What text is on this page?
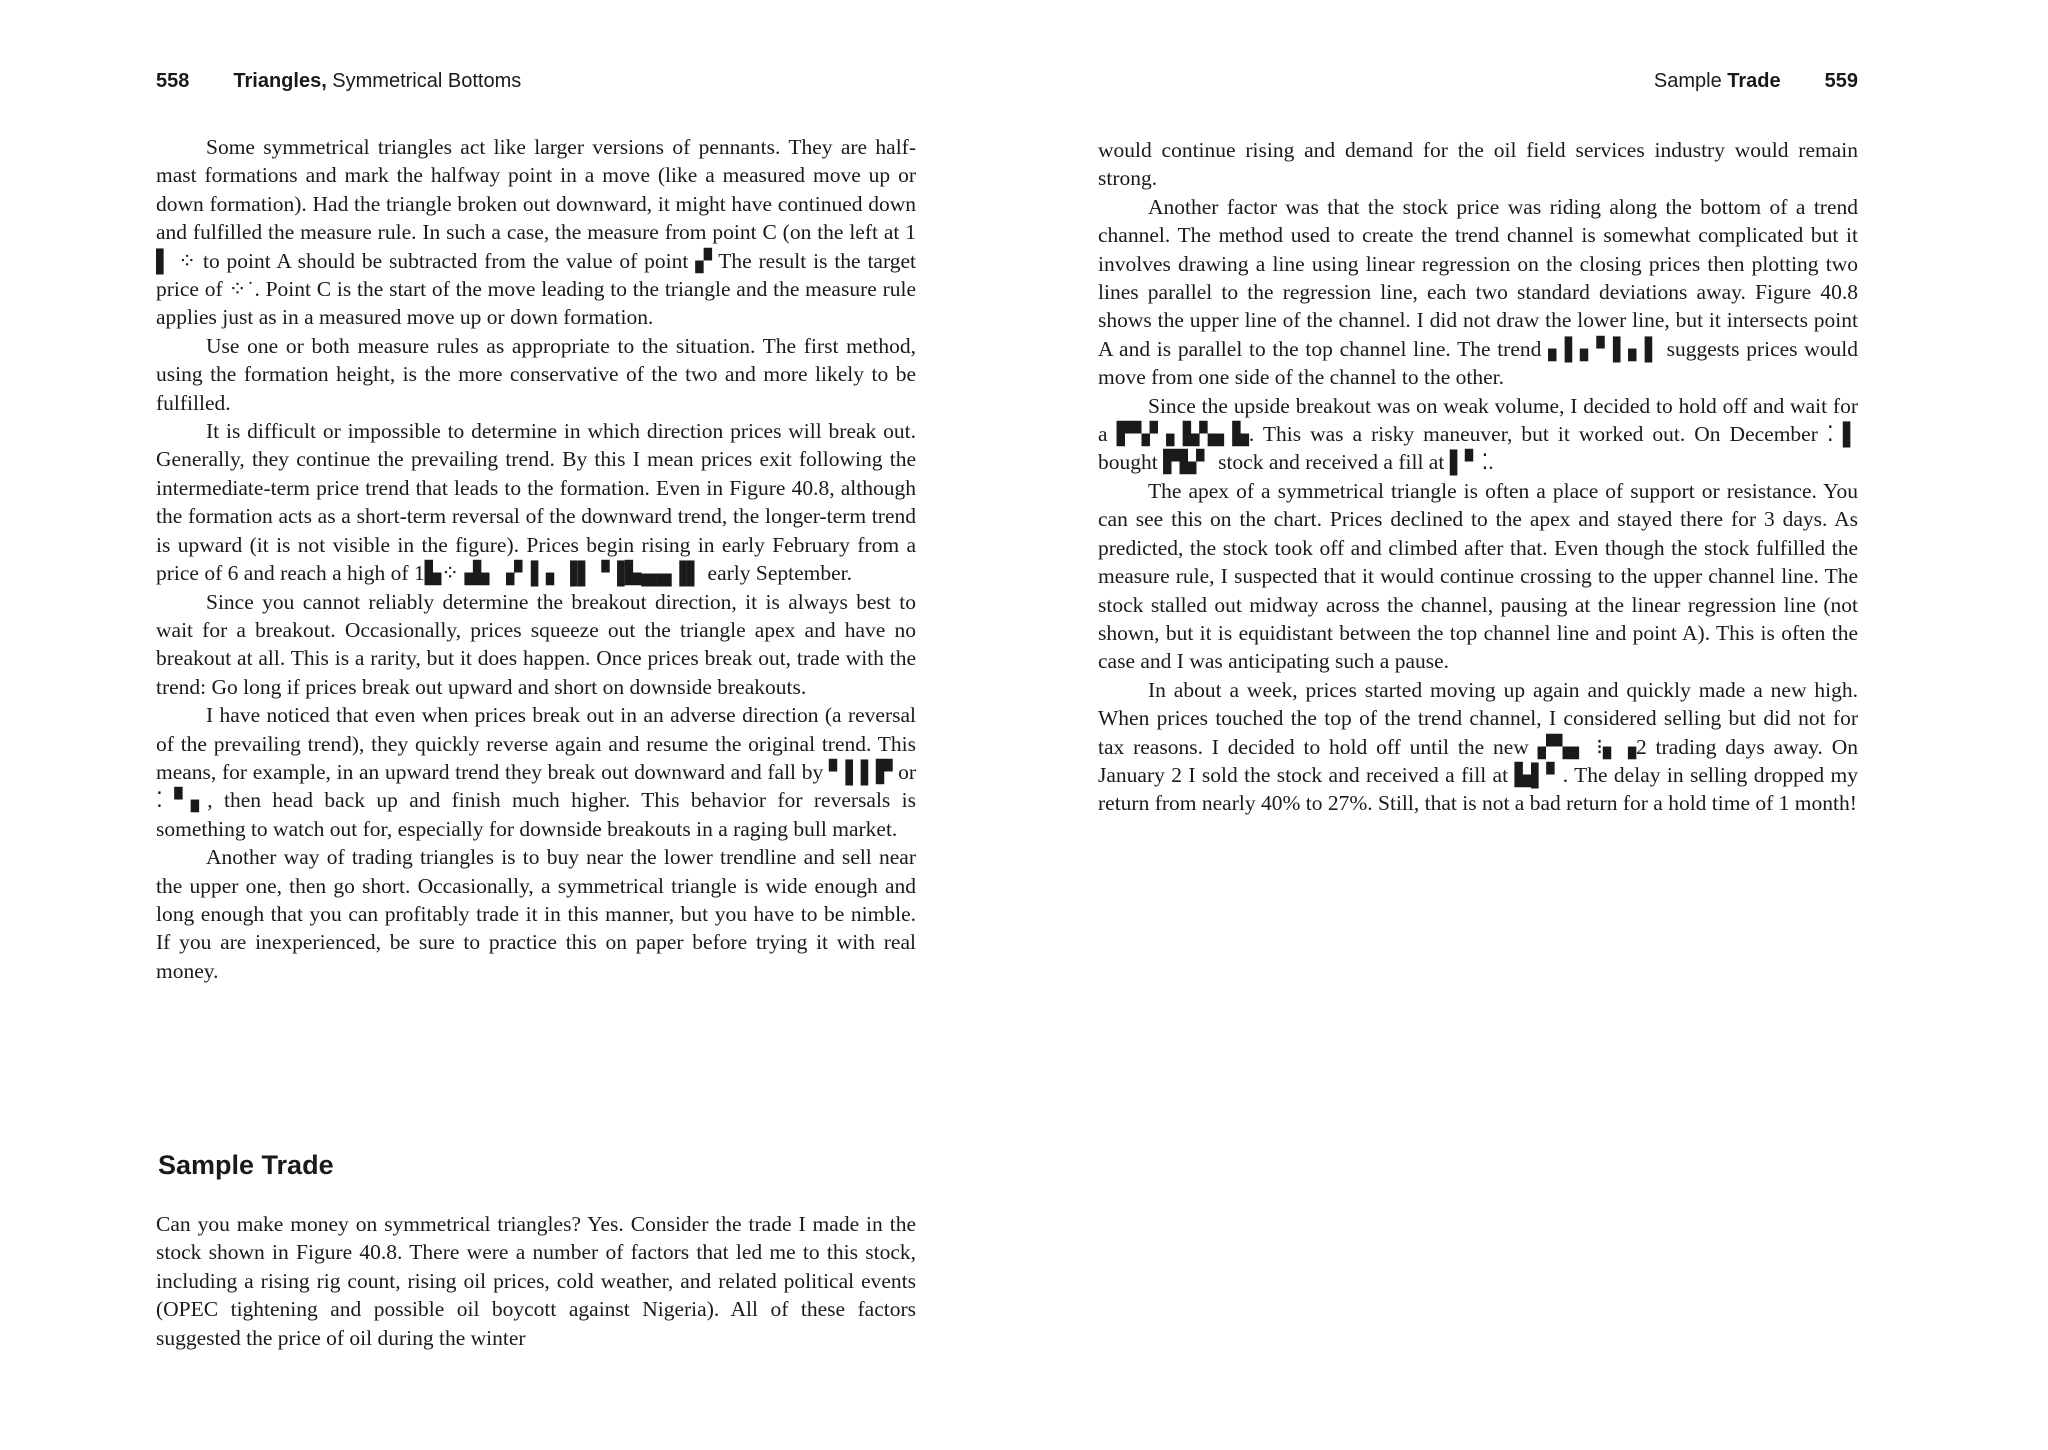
558 Triangles, Symmetrical Bottoms

Some symmetrical triangles act like larger versions of pennants. They are half-mast formations and mark the halfway point in a move (like a measured move up or down formation). Had the triangle broken out downward, it might have continued down and fulfilled the measure rule. In such a case, the measure from point C (on the left at 1 ▌ ⁘ to point A should be subtracted from the value of point ▞ The result is the target price of ⁘˙. Point C is the start of the move leading to the triangle and the measure rule applies just as in a measured move up or down formation.

Use one or both measure rules as appropriate to the situation. The first method, using the formation height, is the more conservative of the two and more likely to be fulfilled.

It is difficult or impossible to determine in which direction prices will break out. Generally, they continue the prevailing trend. By this I mean prices exit following the intermediate-term price trend that leads to the formation. Even in Figure 40.8, although the formation acts as a short-term reversal of the downward trend, the longer-term trend is upward (it is not visible in the figure). Prices begin rising in early February from a price of 6 and reach a high of 1▙⁘ ▟▖▗▘▌▖▐▌▝▐▙▄▄▐▌ early September.

Since you cannot reliably determine the breakout direction, it is always best to wait for a breakout. Occasionally, prices squeeze out the triangle apex and have no breakout at all. This is a rarity, but it does happen. Once prices break out, trade with the trend: Go long if prices break out upward and short on downside breakouts.

I have noticed that even when prices break out in an adverse direction (a reversal of the prevailing trend), they quickly reverse again and resume the original trend. This means, for example, in an upward trend they break out downward and fall by ▘▌▌▛ or ⁚ ▘▖, then head back up and finish much higher. This behavior for reversals is something to watch out for, especially for downside breakouts in a raging bull market.

Another way of trading triangles is to buy near the lower trendline and sell near the upper one, then go short. Occasionally, a symmetrical triangle is wide enough and long enough that you can profitably trade it in this manner, but you have to be nimble. If you are inexperienced, be sure to practice this on paper before trying it with real money.

Sample Trade

Can you make money on symmetrical triangles? Yes. Consider the trade I made in the stock shown in Figure 40.8. There were a number of factors that led me to this stock, including a rising rig count, rising oil prices, cold weather, and related political events (OPEC tightening and possible oil boycott against Nigeria). All of these factors suggested the price of oil during the winter

Sample Trade 559

would continue rising and demand for the oil field services industry would remain strong.

Another factor was that the stock price was riding along the bottom of a trend channel. The method used to create the trend channel is somewhat complicated but it involves drawing a line using linear regression on the closing prices then plotting two lines parallel to the regression line, each two standard deviations away. Figure 40.8 shows the upper line of the channel. I did not draw the lower line, but it intersects point A and is parallel to the top channel line. The trend ▖▌▖▘▌▖▌ suggests prices would move from one side of the channel to the other.

Since the upside breakout was on weak volume, I decided to hold off and wait for a ▛▚▘▖▙▚▖▙. This was a risky maneuver, but it worked out. On December ⁚ ▌ bought ▛▙▘ stock and received a fill at ▌▘⁚.

The apex of a symmetrical triangle is often a place of support or resistance. You can see this on the chart. Prices declined to the apex and stayed there for 3 days. As predicted, the stock took off and climbed after that. Even though the stock fulfilled the measure rule, I suspected that it would continue crossing to the upper channel line. The stock stalled out midway across the channel, pausing at the linear regression line (not shown, but it is equidistant between the top channel line and point A). This is often the case and I was anticipating such a pause.

In about a week, prices started moving up again and quickly made a new high. When prices touched the top of the trend channel, I considered selling but did not for tax reasons. I decided to hold off until the new ▞▚▖ ⁝▖▗2 trading days away. On January 2 I sold the stock and received a fill at ▙▌▘. The delay in selling dropped my return from nearly 40% to 27%. Still, that is not a bad return for a hold time of 1 month!
